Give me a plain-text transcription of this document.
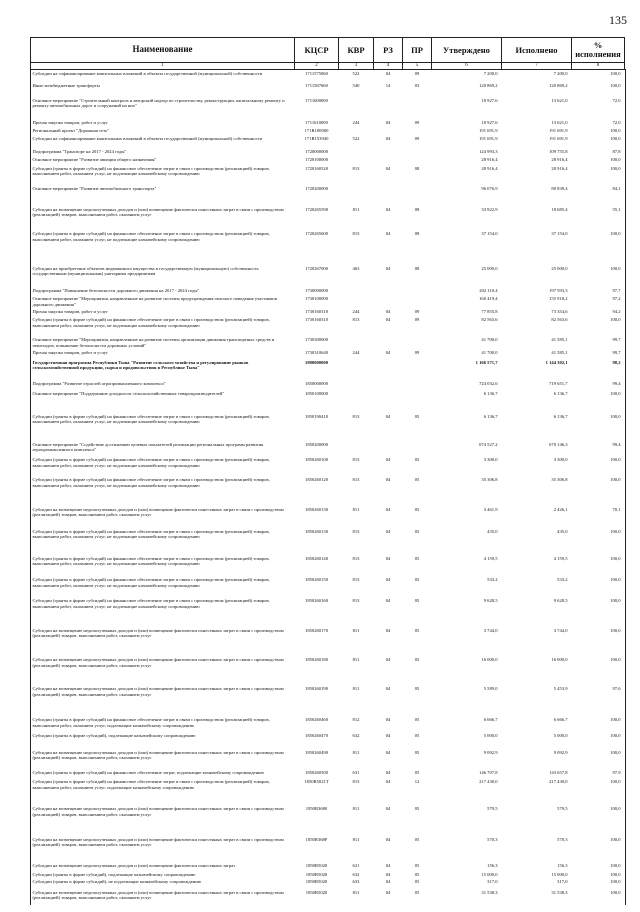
135
Наименование	КЦСР	КВР	РЗ	ПР	Утверждено	Исполнено	% исполнения
1	2	3	4	5	6	7	8
Субсидии на софинансирование капитальных вложений в объекты государственной (муниципальной) собственности	1711575060	522	04	09	7 200,0	7 200,0	100,0
Иные межбюджетные трансферты	1711587660	540	14	03	120 869,2	120 869,2	100,0
Основное мероприятие "Строительный контроль и авторский надзор по строительству, реконструкции, капитальному ремонту и ремонту автомобильных дорог и сооружений на них"	1711600000				18 927,6	13 621,0	72,0
Прочая закупка товаров, работ и услуг	1711610000	244	04	09	18 927,6	13 621,0	72,0
Региональный проект "Дорожная сеть"	171R100000				191 691,9	191 691,9	100,0
Субсидии на софинансирование капитальных вложений в объекты государственной (муниципальной) собственности	171R153940	522	04	09	191 691,9	191 691,9	100,0
Подпрограмма "Транспорт на 2017 - 2024 годы"	1720000000				124 993,3	109 755,8	87,8
Основное мероприятие "Развитие авиации общего назначения"	1720100000				28 916,4	28 916,4	100,0
Субсидии (гранты в форме субсидий) на финансовое обеспечение затрат в связи с производством (реализацией) товаров, выполнением работ, оказанием услуг, не подлежащие казначейскому сопровождению	1720160320	813	04	08	28 916,4	28 916,4	100,0
Основное мероприятие "Развитие автомобильного транспорта"	1720200000				96 076,9	80 839,4	84,1
Субсидии на возмещение недополученных доходов и (или) возмещение фактически понесенных затрат в связи с производством (реализацией) товаров, выполнением работ, оказанием услуг	1720265590	811	04	08	33 922,9	18 685,4	55,1
Субсидии (гранты в форме субсидий) на финансовое обеспечение затрат в связи с производством (реализацией) товаров, выполнением работ, оказанием услуг, не подлежащие казначейскому сопровождению	1720265600	813	04	08	37 154,0	37 154,0	100,0
Субсидии на приобретение объектов недвижимого имущества в государственную (муниципальную) собственность государственным (муниципальным) унитарным предприятиям	1720267000	463	04	08	25 000,0	25 000,0	100,0
Подпрограмма "Повышение безопасности дорожного движения на 2017 - 2024 годы"	1730000000				202 110,4	197 593,3	97,7
Основное мероприятие "Мероприятия, направленные на развитие системы предупреждения опасного поведения участников дорожного движения"	1730100000				160 419,4	155 918,2	97,2
Прочая закупка товаров, работ и услуг	1730160310	244	04	09	77 855,8	73 354,6	94,2
Субсидии (гранты в форме субсидий) на финансовое обеспечение затрат в связи с производством (реализацией) товаров, выполнением работ, оказанием услуг, не подлежащие казначейскому сопровождению	1730160310	813	04	09	82 563,6	82 563,6	100,0
Основное мероприятие "Мероприятия, направленные на развитие системы организации движения транспортных средств и пешеходов, повышение безопасности дорожных условий"	1730300000				41 700,0	41 585,1	99,7
Прочая закупка товаров, работ и услуг	1730310640	244	04	09	41 700,0	41 585,1	99,7
Государственная программа Республики Тыва "Развитие сельского хозяйства и регулирование рынков сельскохозяйственной продукции, сырья и продовольствия в Республике Тыва"	1800000000				1 166 571,7	1 144 302,1	98,2
Подпрограмма "Развитие отраслей агропромышленного комплекса"	1850000000				724 032,6	719 651,7	99,4
Основное мероприятие "Поддержание доходности сельскохозяйственных товаропроизводителей"	1850100000				6 136,7	6 136,7	100,0
Субсидии (гранты в форме субсидий) на финансовое обеспечение затрат в связи с производством (реализацией) товаров, выполнением работ, оказанием услуг, не подлежащие казначейскому сопровождению	1850190410	813	04	05	6 136,7	6 136,7	100,0
Основное мероприятие "Содействие достижению целевых показателей реализации региональных программ развития агропромышленного комплекса"	1850200000				674 527,2	670 146,3	99,4
Субсидии (гранты в форме субсидий) на финансовое обеспечение затрат в связи с производством (реализацией) товаров, выполнением работ, оказанием услуг, не подлежащие казначейскому сопровождению	1850260100	813	04	05	3 300,0	3 300,0	100,0
Субсидии (гранты в форме субсидий) на финансовое обеспечение затрат в связи с производством (реализацией) товаров, выполнением работ, оказанием услуг, не подлежащие казначейскому сопровождению	1850260120	813	04	05	35 306,8	35 306,8	100,0
Субсидии на возмещение недополученных доходов и (или) возмещение фактически понесенных затрат в связи с производством (реализацией) товаров, выполнением работ, оказанием услуг	1850260130	811	04	05	3 461,9	2 426,1	70,1
Субсидии (гранты в форме субсидий) на финансовое обеспечение затрат в связи с производством (реализацией) товаров, выполнением работ, оказанием услуг, не подлежащие казначейскому сопровождению	1850260130	813	04	05	435,0	435,0	100,0
Субсидии (гранты в форме субсидий) на финансовое обеспечение затрат в связи с производством (реализацией) товаров, выполнением работ, оказанием услуг, не подлежащие казначейскому сопровождению	1850260140	813	04	05	4 159,5	4 159,5	100,0
Субсидии (гранты в форме субсидий) на финансовое обеспечение затрат в связи с производством (реализацией) товаров, выполнением работ, оказанием услуг, не подлежащие казначейскому сопровождению	1850260150	813	04	05	533,2	533,2	100,0
Субсидии (гранты в форме субсидий) на финансовое обеспечение затрат в связи с производством (реализацией) товаров, выполнением работ, оказанием услуг, не подлежащие казначейскому сопровождению	1850260160	813	04	05	9 628,5	9 628,5	100,0
Субсидии на возмещение недополученных доходов и (или) возмещение фактически понесенных затрат в связи с производством (реализацией) товаров, выполнением работ, оказанием услуг	1850260170	811	04	05	3 744,0	3 744,0	100,0
Субсидии на возмещение недополученных доходов и (или) возмещение фактически понесенных затрат в связи с производством (реализацией) товаров, выполнением работ, оказанием услуг	1850260180	811	04	05	16 000,0	16 000,0	100,0
Субсидии на возмещение недополученных доходов и (или) возмещение фактически понесенных затрат в связи с производством (реализацией) товаров, выполнением работ, оказанием услуг	1850260190	811	04	05	5 589,0	5 453,9	97,6
Субсидии (гранты в форме субсидий) на финансовое обеспечение затрат в связи с производством (реализацией) товаров, выполнением работ, оказанием услуг, подлежащие казначейскому сопровождению	1850260460	812	04	05	6 666,7	6 666,7	100,0
Субсидии (гранты в форме субсидий), подлежащие казначейскому сопровождению	1850260470	632	04	05	5 000,0	5 000,0	100,0
Субсидии на возмещение недополученных доходов и (или) возмещение фактически понесенных затрат в связи с производством (реализацией) товаров, выполнением работ, оказанием услуг	1850260490	811	04	05	9 092,9	9 092,9	100,0
Субсидии (гранты в форме субсидий) на финансовое обеспечение затрат, подлежащие казначейскому сопровождению	1850260500	631	04	05	146 707,8	143 657,8	97,9
Субсидии (гранты в форме субсидий) на финансовое обеспечение затрат в связи с производством (реализацией) товаров, выполнением работ, оказанием услуг, подлежащие казначейскому сопровождению	1850R5021T	813	04	12	217 430,0	217 430,0	100,0
Субсидии на возмещение недополученных доходов и (или) возмещение фактически понесенных затрат в связи с производством (реализацией) товаров, выполнением работ, оказанием услуг	1850R3680	811	04	05	579,5	579,5	100,0
Субсидии на возмещение недополученных доходов и (или) возмещение фактически понесенных затрат в связи с производством (реализацией) товаров, выполнением работ, оказанием услуг	1850R368F	811	04	05	570,3	570,3	100,0
Субсидии на возмещение недополученных доходов и (или) возмещение фактически понесенных затрат	1850R5020	621	04	05	156,3	156,3	100,0
Субсидии (гранты в форме субсидий), подлежащие казначейскому сопровождению	1850R5020	632	04	05	15 000,0	15 000,0	100,0
Субсидии (гранты в форме субсидий), не подлежащие казначейскому сопровождению	1850R5020	633	04	05	317,0	317,0	100,0
Субсидии на возмещение недополученных доходов и (или) возмещение фактически понесенных затрат в связи с производством (реализацией) товаров, выполнением работ, оказанием услуг	1850R5020	811	04	05	31 538,3	31 538,3	100,0
